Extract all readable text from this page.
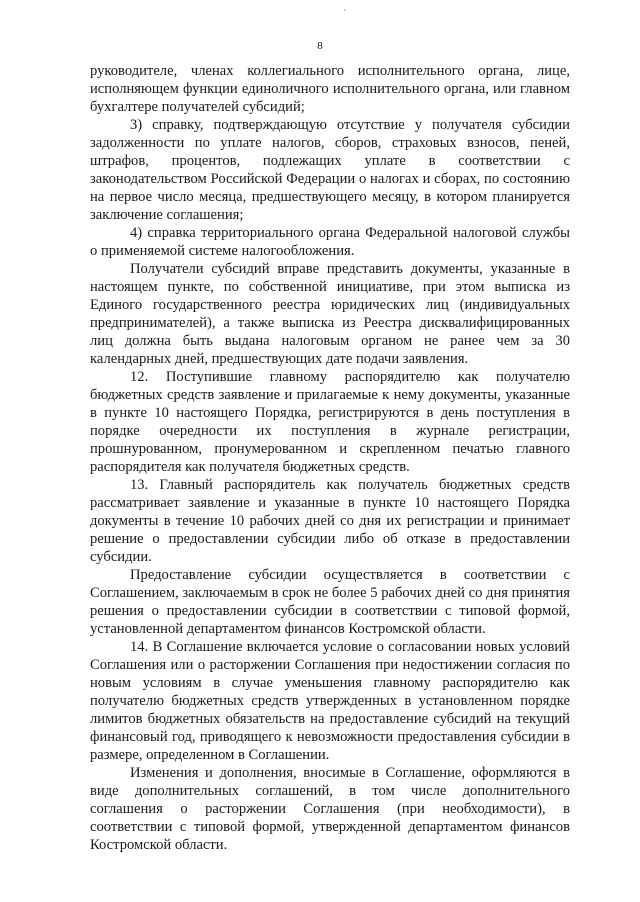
8

руководителе, членах коллегиального исполнительного органа, лице, исполняющем функции единоличного исполнительного органа, или главном бухгалтере получателей субсидий;

3) справку, подтверждающую отсутствие у получателя субсидии задолженности по уплате налогов, сборов, страховых взносов, пеней, штрафов, процентов, подлежащих уплате в соответствии с законодательством Российской Федерации о налогах и сборах, по состоянию на первое число месяца, предшествующего месяцу, в котором планируется заключение соглашения;

4) справка территориального органа Федеральной налоговой службы о применяемой системе налогообложения.

Получатели субсидий вправе представить документы, указанные в настоящем пункте, по собственной инициативе, при этом выписка из Единого государственного реестра юридических лиц (индивидуальных предпринимателей), а также выписка из Реестра дисквалифицированных лиц должна быть выдана налоговым органом не ранее чем за 30 календарных дней, предшествующих дате подачи заявления.

12. Поступившие главному распорядителю как получателю бюджетных средств заявление и прилагаемые к нему документы, указанные в пункте 10 настоящего Порядка, регистрируются в день поступления в порядке очередности их поступления в журнале регистрации, прошнурованном, пронумерованном и скрепленном печатью главного распорядителя как получателя бюджетных средств.

13. Главный распорядитель как получатель бюджетных средств рассматривает заявление и указанные в пункте 10 настоящего Порядка документы в течение 10 рабочих дней со дня их регистрации и принимает решение о предоставлении субсидии либо об отказе в предоставлении субсидии.

Предоставление субсидии осуществляется в соответствии с Соглашением, заключаемым в срок не более 5 рабочих дней со дня принятия решения о предоставлении субсидии в соответствии с типовой формой, установленной департаментом финансов Костромской области.

14. В Соглашение включается условие о согласовании новых условий Соглашения или о расторжении Соглашения при недостижении согласия по новым условиям в случае уменьшения главному распорядителю как получателю бюджетных средств утвержденных в установленном порядке лимитов бюджетных обязательств на предоставление субсидий на текущий финансовый год, приводящего к невозможности предоставления субсидии в размере, определенном в Соглашении.

Изменения и дополнения, вносимые в Соглашение, оформляются в виде дополнительных соглашений, в том числе дополнительного соглашения о расторжении Соглашения (при необходимости), в соответствии с типовой формой, утвержденной департаментом финансов Костромской области.
